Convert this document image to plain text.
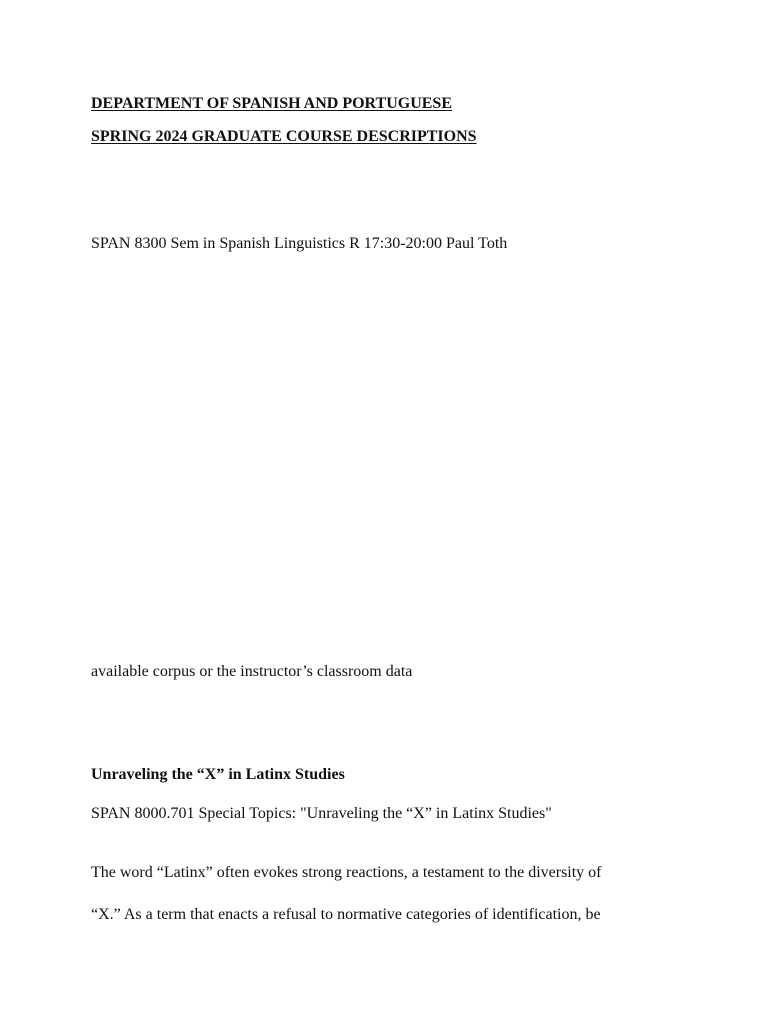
DEPARTMENT OF SPANISH AND PORTUGUESE

SPRING 2024 GRADUATE COURSE DESCRIPTIONS

SPAN 8300 Sem in Spanish Linguistics R 17:30-20:00 Paul Toth

available corpus or the instructor’s classroom data

Unraveling the “X” in Latinx Studies

SPAN 8000.701 Special Topics: "Unraveling the “X” in Latinx Studies"

The word “Latinx” often evokes strong reactions, a testament to the diversity of

“X.” As a term that enacts a refusal to normative categories of identification, be
